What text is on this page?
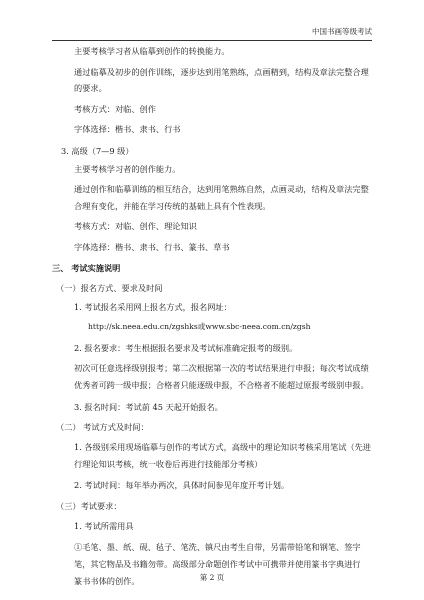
中国书画等级考试
主要考核学习者从临摹到创作的转换能力。
通过临摹及初步的创作训练，逐步达到用笔熟练，点画精到，结构及章法完整合理
的要求。
考核方式：对临、创作
字体选择：楷书、隶书、行书
3. 高级（7—9 级）
主要考核学习者的创作能力。
通过创作和临摹训练的相互结合，达到用笔熟练自然，点画灵动，结构及章法完整
合理有变化，并能在学习传统的基础上具有个性表现。
考核方式：对临、创作、理论知识
字体选择：楷书、隶书、行书、篆书、草书
三、 考试实施说明
（一）报名方式、要求及时间
1. 考试报名采用网上报名方式，报名网址：
http://sk.neea.edu.cn/zgshks或www.sbc-neea.com.cn/zgsh
2. 报名要求：考生根据报名要求及考试标准确定报考的级别。
初次可任意选择级别报考；第二次根据第一次的考试结果进行申报；每次考试成绩
优秀者可跨一级申报；合格者只能逐级申报，不合格者不能超过原报考级别申报。
3. 报名时间：考试前 45 天起开始报名。
（二） 考试方式及时间：
1. 各级别采用现场临摹与创作的考试方式，高级中的理论知识考核采用笔试（先进
行理论知识考核，统一收卷后再进行技能部分考核）
2. 考试时间：每年举办两次，具体时间参见年度开考计划。
（三）考试要求：
1. 考试所需用具
①毛笔、墨、纸、砚、毡子、笔洗、镇尺由考生自带，另需带铅笔和钢笔、签字
笔，其它物品及书籍勿带。高级部分命题创作考试中可携带并使用篆书字典进行
篆书书体的创作。	第 2 页
